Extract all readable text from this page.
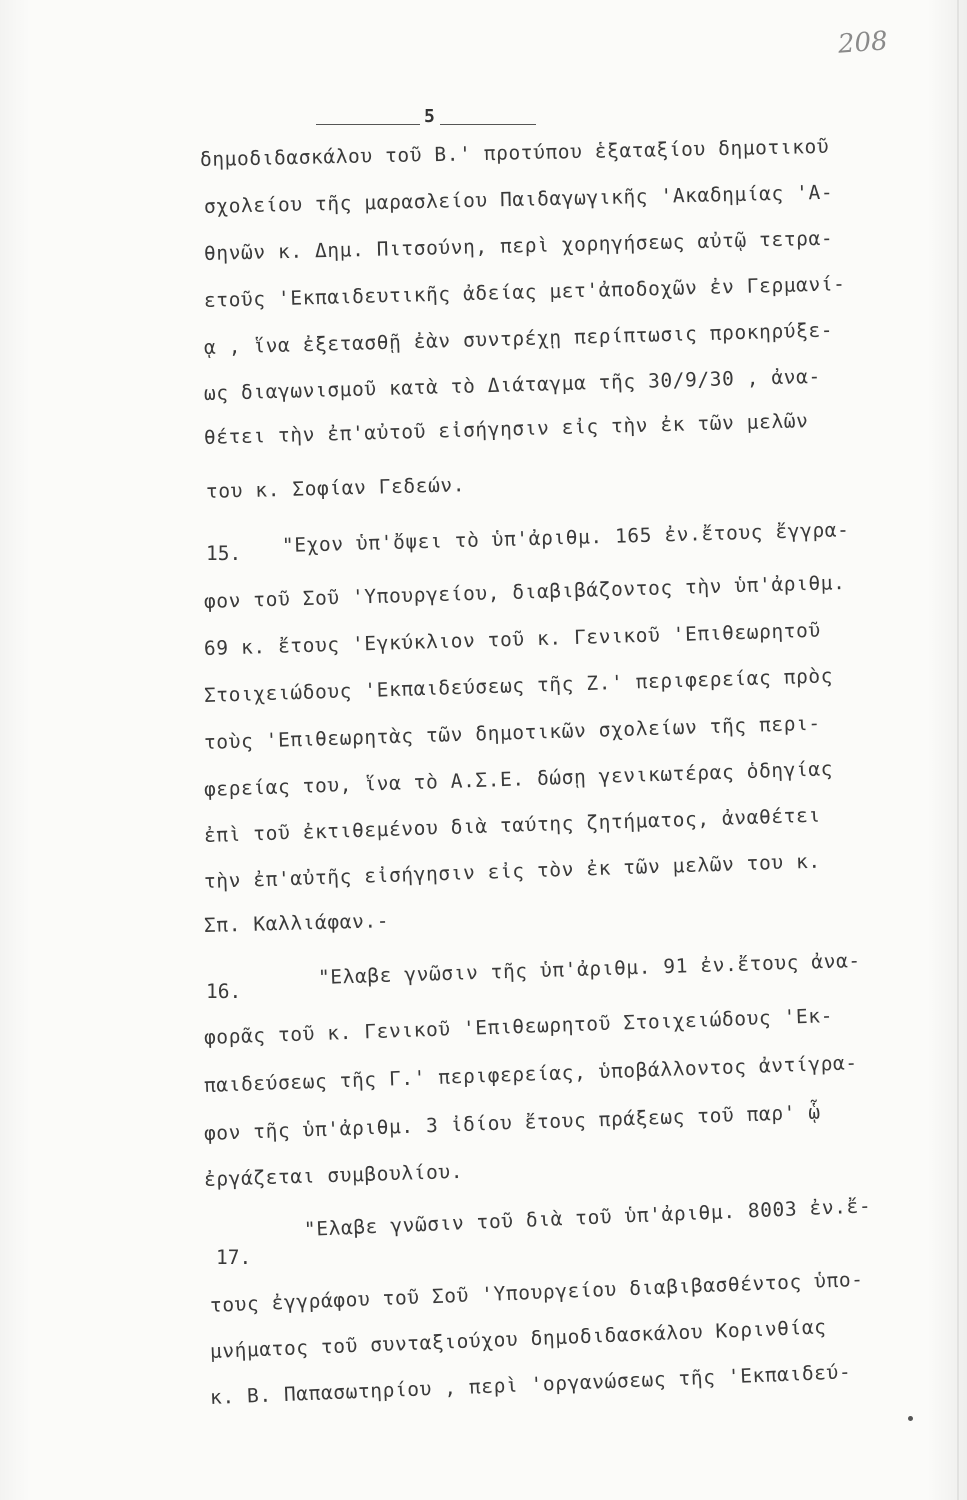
208
5
δημοδιδασκάλου τοῦ Β.' προτύπου ἑξαταξίου δημοτικοῦ
σχολείου τῆς μαρασλείου Παιδαγωγικῆς 'Ακαδημίας 'Α-
θηνῶν κ. Δημ. Πιτσούνη, περὶ χορηγήσεως αὐτῷ τετρα-
ετοῦς 'Εκπαιδευτικῆς ἀδείας μετ'ἀποδοχῶν ἐν Γερμανί-
ᾳ , ἵνα ἐξετασθῇ ἐὰν συντρέχῃ περίπτωσις προκηρύξε-
ως διαγωνισμοῦ κατὰ τὸ Διάταγμα τῆς 30/9/30 , ἀνα-
θέτει τὴν ἐπ'αὐτοῦ εἰσήγησιν εἰς τὴν ἐκ τῶν μελῶν
του κ. Σοφίαν Γεδεών.
15. "Εχον ὑπ'ὄψει τὸ ὑπ'ἀριθμ. 165 ἐν.ἔτους ἔγγρα-
φον τοῦ Σοῦ 'Υπουργείου, διαβιβάζοντος τὴν ὑπ'ἀριθμ.
69 κ. ἔτους 'Εγκύκλιον τοῦ κ. Γενικοῦ 'Επιθεωρητοῦ
Στοιχειώδους 'Εκπαιδεύσεως τῆς Ζ.' περιφερείας πρὸς
τοὺς 'Επιθεωρητὰς τῶν δημοτικῶν σχολείων τῆς περι-
φερείας του, ἵνα τὸ Α.Σ.Ε. δώσῃ γενικωτέρας ὁδηγίας
ἐπὶ τοῦ ἐκτιθεμένου διὰ ταύτης ζητήματος, ἀναθέτει
τὴν ἐπ'αὐτῆς εἰσήγησιν εἰς τὸν ἐκ τῶν μελῶν του κ.
Σπ. Καλλιάφαν.-
16.
"Ελαβε γνῶσιν τῆς ὑπ'ἀριθμ. 91 ἐν.ἔτους ἀνα-
φορᾶς τοῦ κ. Γενικοῦ 'Επιθεωρητοῦ Στοιχειώδους 'Εκ-
παιδεύσεως τῆς Γ.' περιφερείας, ὑποβάλλοντος ἀντίγρα-
φον τῆς ὑπ'ἀριθμ. 3 ἰδίου ἔτους πράξεως τοῦ παρ' ᾧ
ἐργάζεται συμβουλίου.
17.
"Ελαβε γνῶσιν τοῦ διὰ τοῦ ὑπ'ἀριθμ. 8003 ἐν.ἔ-
τους ἐγγράφου τοῦ Σοῦ 'Υπουργείου διαβιβασθέντος ὑπο-
μνήματος τοῦ συνταξιούχου δημοδιδασκάλου Κορινθίας
κ. Β. Παπασωτηρίου , περὶ 'οργανώσεως τῆς 'Εκπαιδεύ-
